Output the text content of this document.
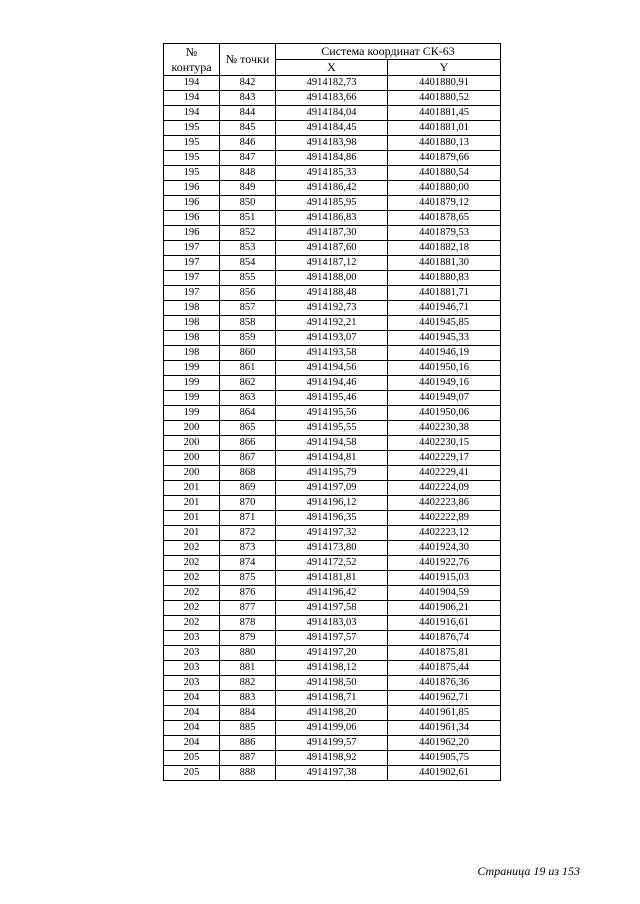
№
контура	№ точки	Система координат СК-63	
		X	Y
194	842	4914182,73	4401880,91
194	843	4914183,66	4401880,52
194	844	4914184,04	4401881,45
195	845	4914184,45	4401881,01
195	846	4914183,98	4401880,13
195	847	4914184,86	4401879,66
195	848	4914185,33	4401880,54
196	849	4914186,42	4401880,00
196	850	4914185,95	4401879,12
196	851	4914186,83	4401878,65
196	852	4914187,30	4401879,53
197	853	4914187,60	4401882,18
197	854	4914187,12	4401881,30
197	855	4914188,00	4401880,83
197	856	4914188,48	4401881,71
198	857	4914192,73	4401946,71
198	858	4914192,21	4401945,85
198	859	4914193,07	4401945,33
198	860	4914193,58	4401946,19
199	861	4914194,56	4401950,16
199	862	4914194,46	4401949,16
199	863	4914195,46	4401949,07
199	864	4914195,56	4401950,06
200	865	4914195,55	4402230,38
200	866	4914194,58	4402230,15
200	867	4914194,81	4402229,17
200	868	4914195,79	4402229,41
201	869	4914197,09	4402224,09
201	870	4914196,12	4402223,86
201	871	4914196,35	4402222,89
201	872	4914197,32	4402223,12
202	873	4914173,80	4401924,30
202	874	4914172,52	4401922,76
202	875	4914181,81	4401915,03
202	876	4914196,42	4401904,59
202	877	4914197,58	4401906,21
202	878	4914183,03	4401916,61
203	879	4914197,57	4401876,74
203	880	4914197,20	4401875,81
203	881	4914198,12	4401875,44
203	882	4914198,50	4401876,36
204	883	4914198,71	4401962,71
204	884	4914198,20	4401961,85
204	885	4914199,06	4401961,34
204	886	4914199,57	4401962,20
205	887	4914198,92	4401905,75
205	888	4914197,38	4401902,61
Страница 19 из 153
